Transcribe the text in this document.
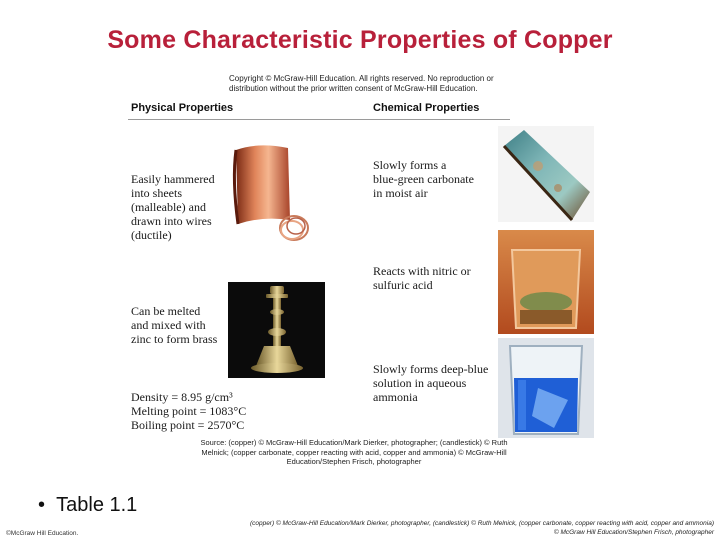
Some Characteristic Properties of Copper
Copyright © McGraw-Hill Education. All rights reserved. No reproduction or
distribution without the prior written consent of McGraw-Hill Education.
Physical Properties	Chemical Properties
Easily hammered
into sheets
(malleable) and
drawn into wires
(ductile)
Can be melted
and mixed with
zinc to form brass
Density = 8.95 g/cm³
Melting point = 1083°C
Boiling point = 2570°C
Slowly forms a
blue-green carbonate
in moist air
Reacts with nitric or
sulfuric acid
Slowly forms deep-blue
solution in aqueous
ammonia
Source: (copper) © McGraw-Hill Education/Mark Dierker, photographer; (candlestick) © Ruth
Melnick; (copper carbonate, copper reacting with acid, copper and ammonia) © McGraw-Hill
Education/Stephen Frisch, photographer
•  Table 1.1
©McGraw Hill Education.
(copper) © McGraw-Hill Education/Mark Dierker, photographer, (candlestick) © Ruth Melnick, (copper carbonate, copper reacting with acid, copper and ammonia)
© McGraw Hill Education/Stephen Frisch, photographer
